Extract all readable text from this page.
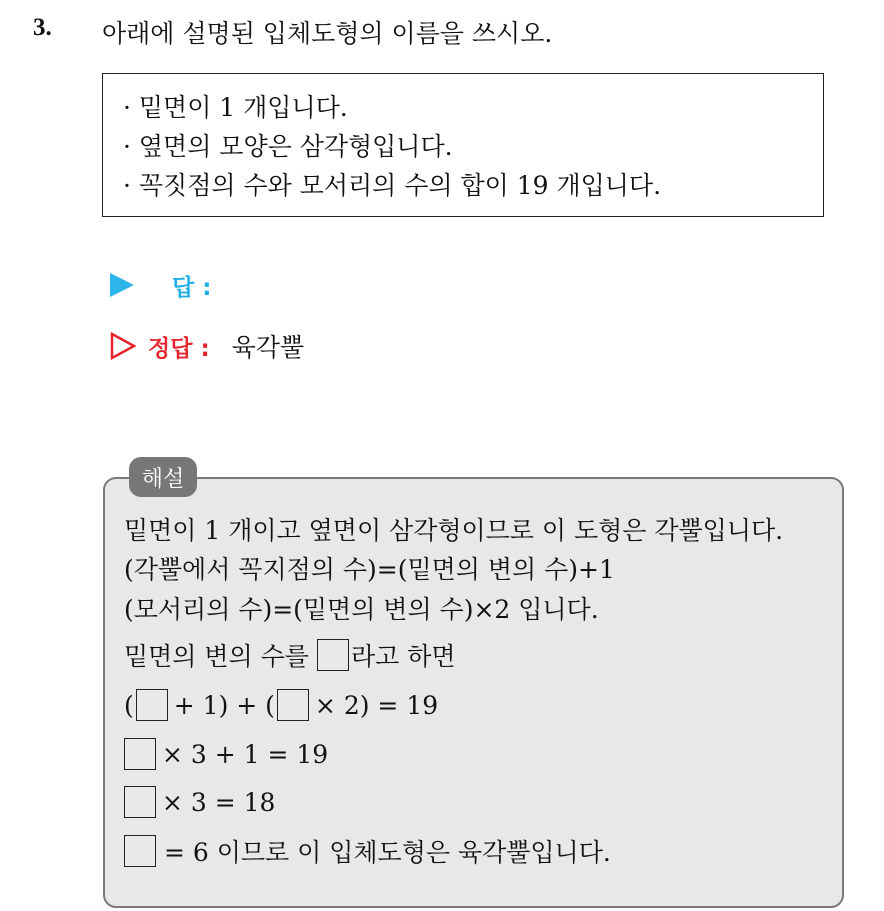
3. 아래에 설명된 입체도형의 이름을 쓰시오.
· 밑면이 1 개입니다.
· 옆면의 모양은 삼각형입니다.
· 꼭짓점의 수와 모서리의 수의 합이 19 개입니다.
답 :
정답 : 육각뿔
해설
밑면이 1 개이고 옆면이 삼각형이므로 이 도형은 각뿔입니다.
(각뿔에서 꼭지점의 수)=(밑면의 변의 수)+1
(모서리의 수)=(밑면의 변의 수)×2 입니다.
밑면의 변의 수를 라고 하면
( + 1) + ( × 2) = 19
× 3 + 1 = 19
× 3 = 18
= 6 이므로 이 입체도형은 육각뿔입니다.
